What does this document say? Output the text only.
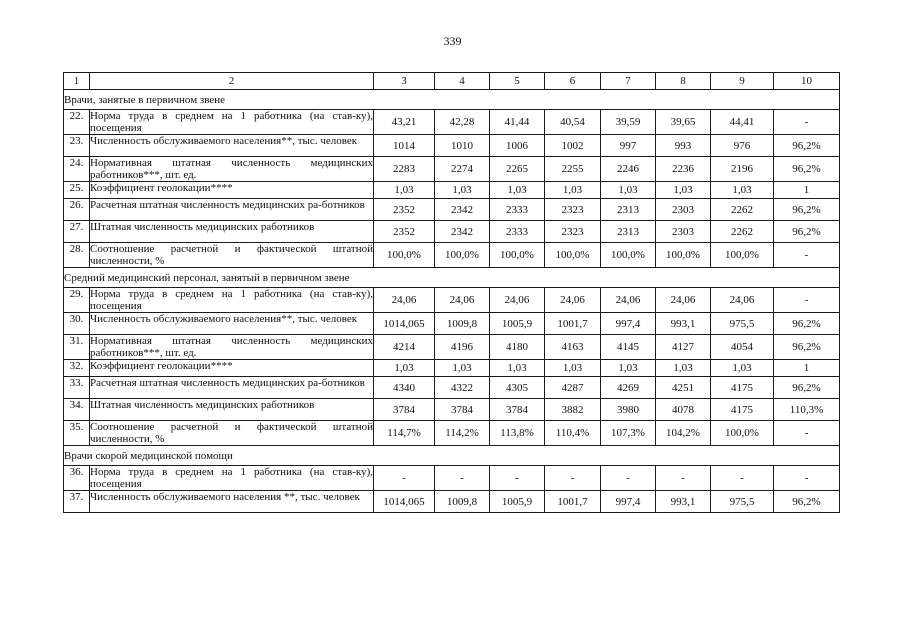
339
1	2	3	4	5	6	7	8	9	10
Врачи, занятые в первичном звене									
22.	Норма труда в среднем на 1 работника (на став-ку), посещения	43,21	42,28	41,44	40,54	39,59	39,65	44,41	-
23.	Численность обслуживаемого населения**, тыс. человек	1014	1010	1006	1002	997	993	976	96,2%
24.	Нормативная штатная численность медицинских работников***, шт. ед.	2283	2274	2265	2255	2246	2236	2196	96,2%
25.	Коэффициент геолокации****	1,03	1,03	1,03	1,03	1,03	1,03	1,03	1
26.	Расчетная штатная численность медицинских ра-ботников	2352	2342	2333	2323	2313	2303	2262	96,2%
27.	Штатная численность медицинских работников	2352	2342	2333	2323	2313	2303	2262	96,2%
28.	Соотношение расчетной и фактической штатной численности, %	100,0%	100,0%	100,0%	100,0%	100,0%	100,0%	100,0%	-
Средний медицинский персонал, занятый в первичном звене									
29.	Норма труда в среднем на 1 работника (на став-ку), посещения	24,06	24,06	24,06	24,06	24,06	24,06	24,06	-
30.	Численность обслуживаемого населения**, тыс. человек	1014,065	1009,8	1005,9	1001,7	997,4	993,1	975,5	96,2%
31.	Нормативная штатная численность медицинских работников***, шт. ед.	4214	4196	4180	4163	4145	4127	4054	96,2%
32.	Коэффициент геолокации****	1,03	1,03	1,03	1,03	1,03	1,03	1,03	1
33.	Расчетная штатная численность медицинских ра-ботников	4340	4322	4305	4287	4269	4251	4175	96,2%
34.	Штатная численность медицинских работников	3784	3784	3784	3882	3980	4078	4175	110,3%
35.	Соотношение расчетной и фактической штатной численности, %	114,7%	114,2%	113,8%	110,4%	107,3%	104,2%	100,0%	-
Врачи скорой медицинской помощи									
36.	Норма труда в среднем на 1 работника (на став-ку), посещения	-	-	-	-	-	-	-	-
37.	Численность обслуживаемого населения **, тыс. человек	1014,065	1009,8	1005,9	1001,7	997,4	993,1	975,5	96,2%
